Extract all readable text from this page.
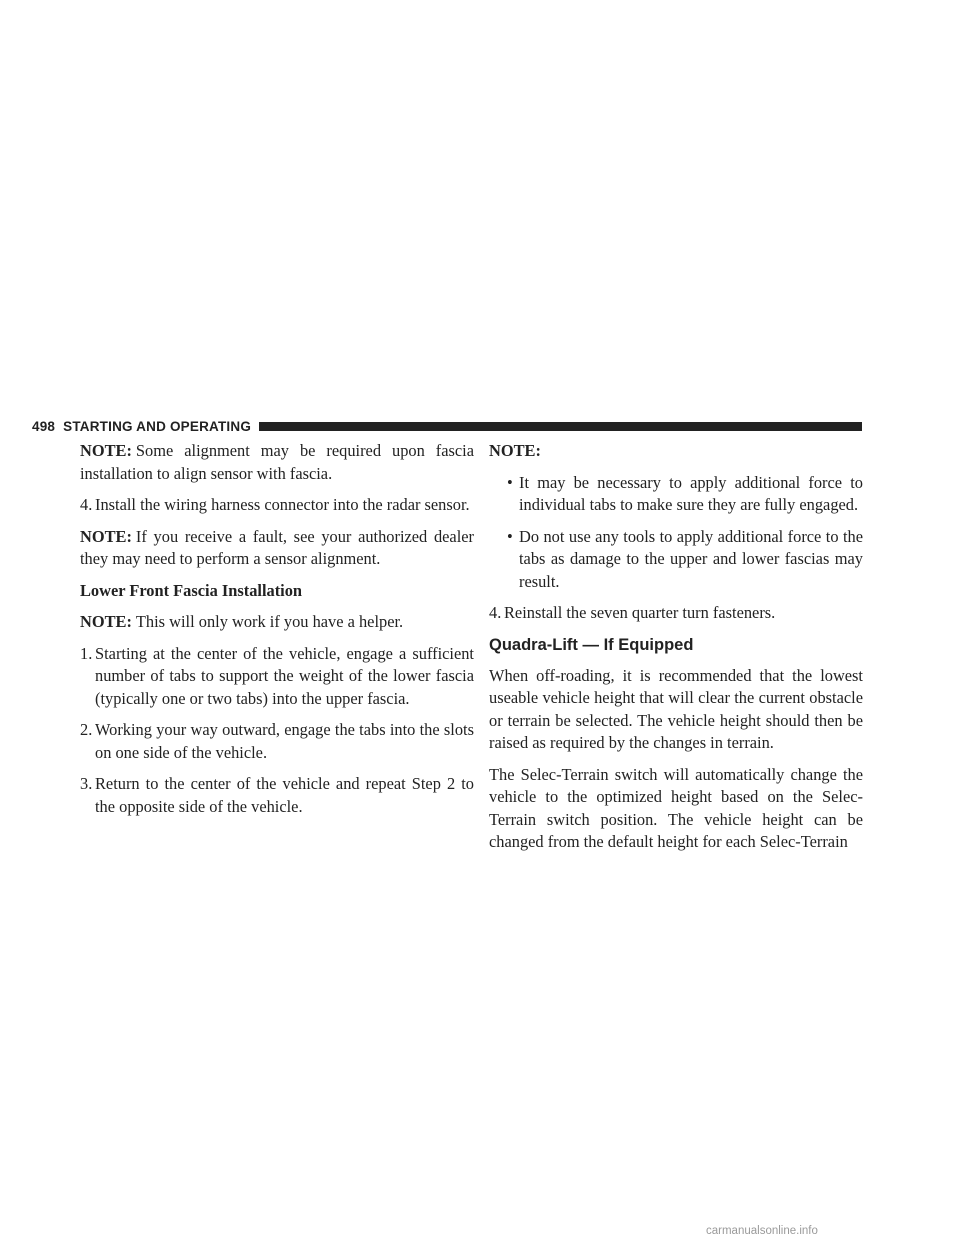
498 STARTING AND OPERATING

NOTE: Some alignment may be required upon fascia installation to align sensor with fascia.

4. Install the wiring harness connector into the radar sensor.

NOTE: If you receive a fault, see your authorized dealer they may need to perform a sensor alignment.

Lower Front Fascia Installation

NOTE: This will only work if you have a helper.

1. Starting at the center of the vehicle, engage a sufficient number of tabs to support the weight of the lower fascia (typically one or two tabs) into the upper fascia.
2. Working your way outward, engage the tabs into the slots on one side of the vehicle.
3. Return to the center of the vehicle and repeat Step 2 to the opposite side of the vehicle.

NOTE:

• It may be necessary to apply additional force to individual tabs to make sure they are fully engaged.
• Do not use any tools to apply additional force to the tabs as damage to the upper and lower fascias may result.
4. Reinstall the seven quarter turn fasteners.
Quadra-Lift — If Equipped

When off-roading, it is recommended that the lowest useable vehicle height that will clear the current obstacle or terrain be selected. The vehicle height should then be raised as required by the changes in terrain.

The Selec-Terrain switch will automatically change the vehicle to the optimized height based on the Selec-Terrain switch position. The vehicle height can be changed from the default height for each Selec-Terrain

carmanualsonline.info
